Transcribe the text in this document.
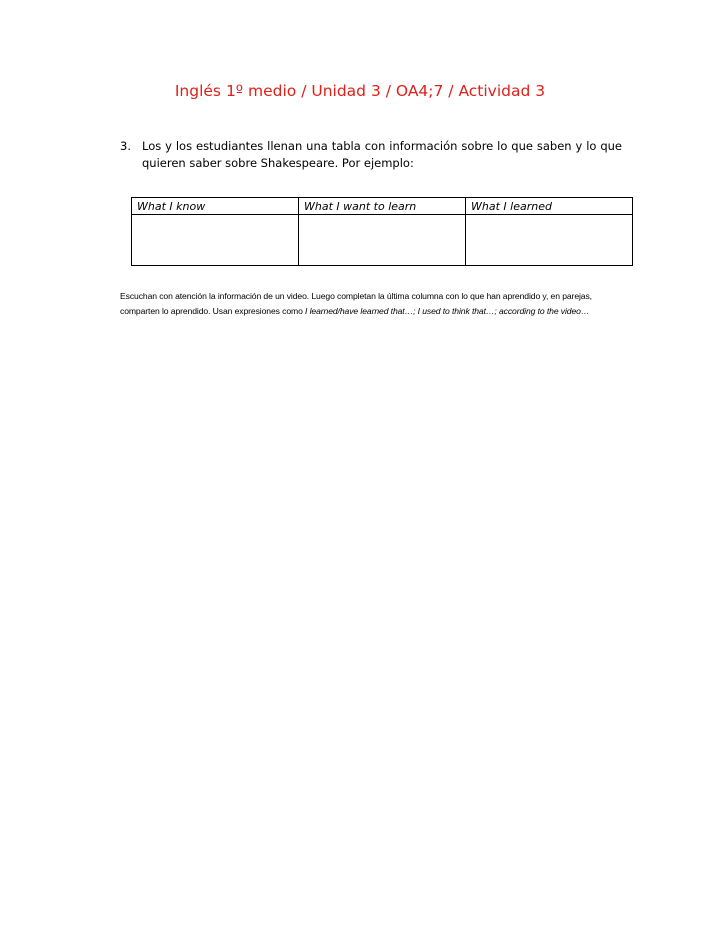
Inglés 1º medio / Unidad 3 / OA4;7 / Actividad 3
3. Los y los estudiantes llenan una tabla con información sobre lo que saben y lo que quieren saber sobre Shakespeare. Por ejemplo:
What I know	What I want to learn	What I learned

Escuchan con atención la información de un video. Luego completan la última columna con lo que han aprendido y, en parejas, comparten lo aprendido. Usan expresiones como I learned/have learned that…; I used to think that…; according to the video…
